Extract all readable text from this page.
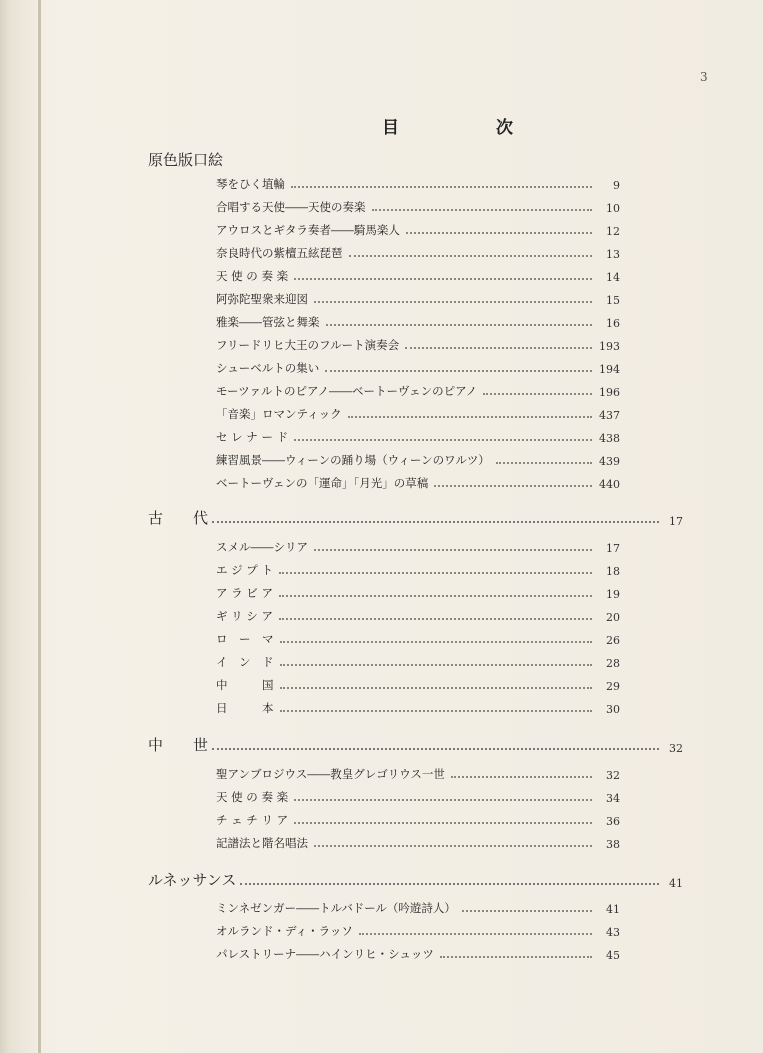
3
目　次
原色版口絵
琴をひく埴輪	9
合唱する天使――天使の奏楽	10
アウロスとギタラ奏者――騎馬楽人	12
奈良時代の紫檀五絃琵琶	13
天 使 の 奏 楽	14
阿弥陀聖衆来迎図	15
雅楽――管弦と舞楽	16
フリードリヒ大王のフルート演奏会	193
シューベルトの集い	194
モーツァルトのピアノ――ベートーヴェンのピアノ	196
「音楽」ロマンティック	437
セ レ ナ ー ド	438
練習風景――ウィーンの踊り場（ウィーンのワルツ）	439
ベートーヴェンの「運命」「月光」の草稿	440
古　　代	17
スメル――シリア	17
エ ジ プ ト	18
ア ラ ビ ア	19
ギ リ シ ア	20
ロ　ー　マ	26
イ　ン　ド	28
中　　　国	29
日　　　本	30
中　　世	32
聖アンブロジウス――教皇グレゴリウス一世	32
天 使 の 奏 楽	34
チ ェ チ リ ア	36
記譜法と階名唱法	38
ルネッサンス	41
ミンネゼンガー――トルバドール（吟遊詩人）	41
オルランド・ディ・ラッソ	43
パレストリーナ――ハインリヒ・シュッツ	45
